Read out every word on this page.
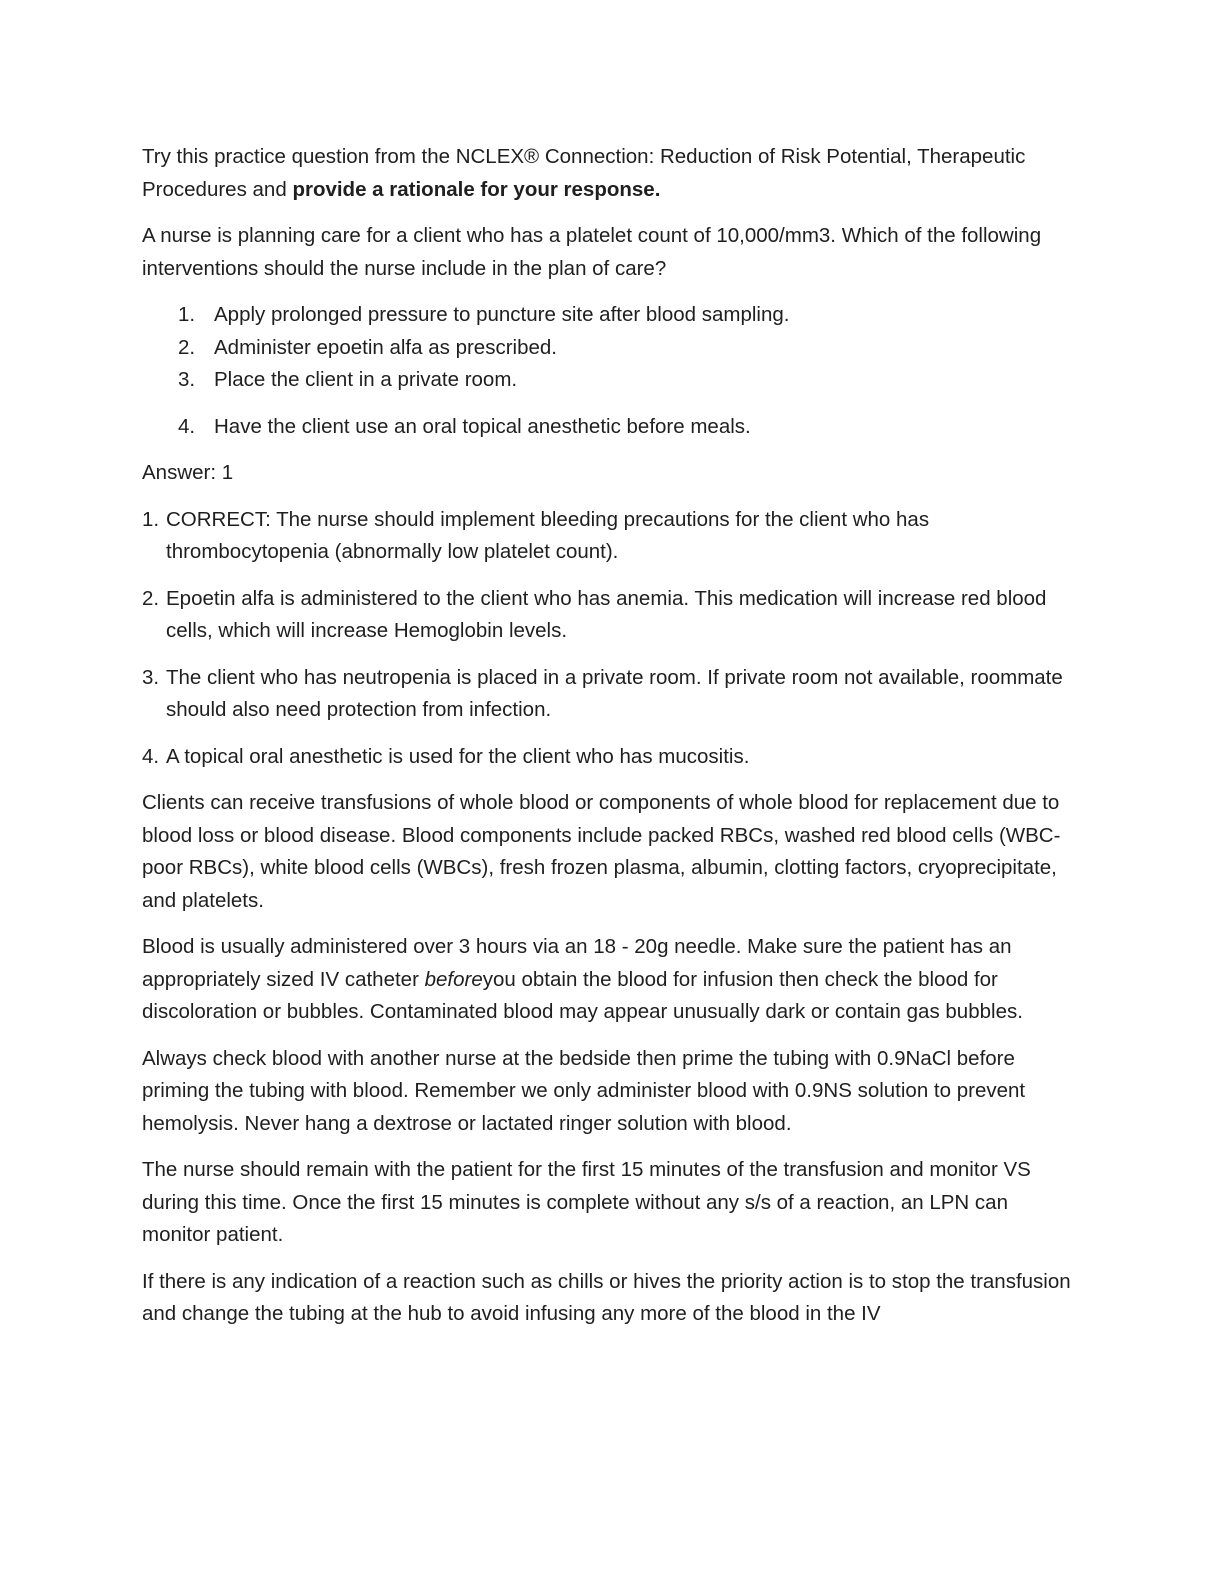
Try this practice question from the NCLEX® Connection: Reduction of Risk Potential, Therapeutic Procedures and provide a rationale for your response.

A nurse is planning care for a client who has a platelet count of 10,000/mm3. Which of the following interventions should the nurse include in the plan of care?

1. Apply prolonged pressure to puncture site after blood sampling.
2. Administer epoetin alfa as prescribed.
3. Place the client in a private room.
4. Have the client use an oral topical anesthetic before meals.

Answer: 1

1. CORRECT: The nurse should implement bleeding precautions for the client who has thrombocytopenia (abnormally low platelet count).

2. Epoetin alfa is administered to the client who has anemia. This medication will increase red blood cells, which will increase Hemoglobin levels.

3. The client who has neutropenia is placed in a private room. If private room not available, roommate should also need protection from infection.

4. A topical oral anesthetic is used for the client who has mucositis.

Clients can receive transfusions of whole blood or components of whole blood for replacement due to blood loss or blood disease. Blood components include packed RBCs, washed red blood cells (WBC- poor RBCs), white blood cells (WBCs), fresh frozen plasma, albumin, clotting factors, cryoprecipitate, and platelets.

Blood is usually administered over 3 hours via an 18 - 20g needle. Make sure the patient has an appropriately sized IV catheter beforeyou obtain the blood for infusion then check the blood for discoloration or bubbles. Contaminated blood may appear unusually dark or contain gas bubbles.

Always check blood with another nurse at the bedside then prime the tubing with 0.9NaCl before priming the tubing with blood. Remember we only administer blood with 0.9NS solution to prevent hemolysis. Never hang a dextrose or lactated ringer solution with blood.

The nurse should remain with the patient for the first 15 minutes of the transfusion and monitor VS during this time. Once the first 15 minutes is complete without any s/s of a reaction, an LPN can monitor patient.

If there is any indication of a reaction such as chills or hives the priority action is to stop the transfusion and change the tubing at the hub to avoid infusing any more of the blood in the IV
